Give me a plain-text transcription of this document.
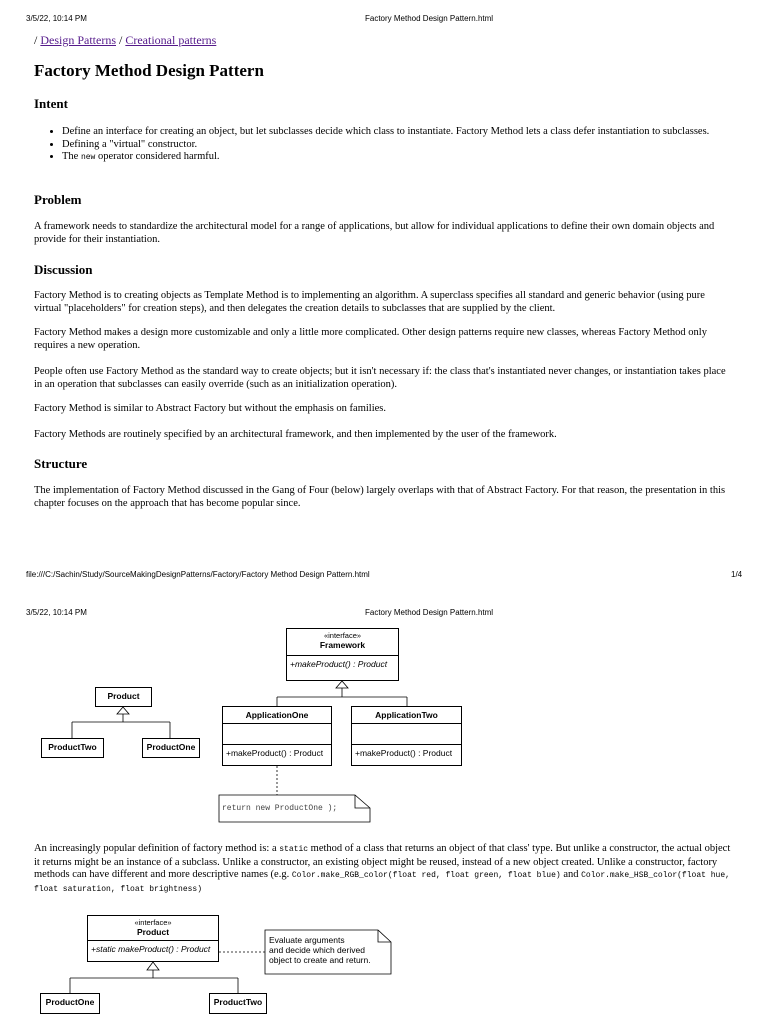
3/5/22, 10:14 PM	Factory Method Design Pattern.html
/ Design Patterns / Creational patterns
Factory Method Design Pattern
Intent
• Define an interface for creating an object, but let subclasses decide which class to instantiate. Factory Method lets a class defer instantiation to subclasses.
• Defining a "virtual" constructor.
• The new operator considered harmful.
Problem

A framework needs to standardize the architectural model for a range of applications, but allow for individual applications to define their own domain objects and provide for their instantiation.

Discussion

Factory Method is to creating objects as Template Method is to implementing an algorithm. A superclass specifies all standard and generic behavior (using pure virtual "placeholders" for creation steps), and then delegates the creation details to subclasses that are supplied by the client.

Factory Method makes a design more customizable and only a little more complicated. Other design patterns require new classes, whereas Factory Method only requires a new operation.

People often use Factory Method as the standard way to create objects; but it isn't necessary if: the class that's instantiated never changes, or instantiation takes place in an operation that subclasses can easily override (such as an initialization operation).

Factory Method is similar to Abstract Factory but without the emphasis on families.

Factory Methods are routinely specified by an architectural framework, and then implemented by the user of the framework.

Structure

The implementation of Factory Method discussed in the Gang of Four (below) largely overlaps with that of Abstract Factory. For that reason, the presentation in this chapter focuses on the approach that has become popular since.

file:///C:/Sachin/Study/SourceMakingDesignPatterns/Factory/Factory Method Design Pattern.html	1/4
3/5/22, 10:14 PM	Factory Method Design Pattern.html
«interface»
Framework
+makeProduct() : Product
Product
ProductTwo	ProductOne
ApplicationOne
+makeProduct() : Product
ApplicationTwo
+makeProduct() : Product
return new ProductOne );

An increasingly popular definition of factory method is: a static method of a class that returns an object of that class' type. But unlike a constructor, the actual object it returns might be an instance of a subclass. Unlike a constructor, an existing object might be reused, instead of a new object created. Unlike a constructor, factory methods can have different and more descriptive names (e.g. Color.make_RGB_color(float red, float green, float blue) and Color.make_HSB_color(float hue, float saturation, float brightness)

«interface»
Product
+static makeProduct() : Product
Evaluate arguments
and decide which derived
object to create and return.
ProductOne	ProductTwo
